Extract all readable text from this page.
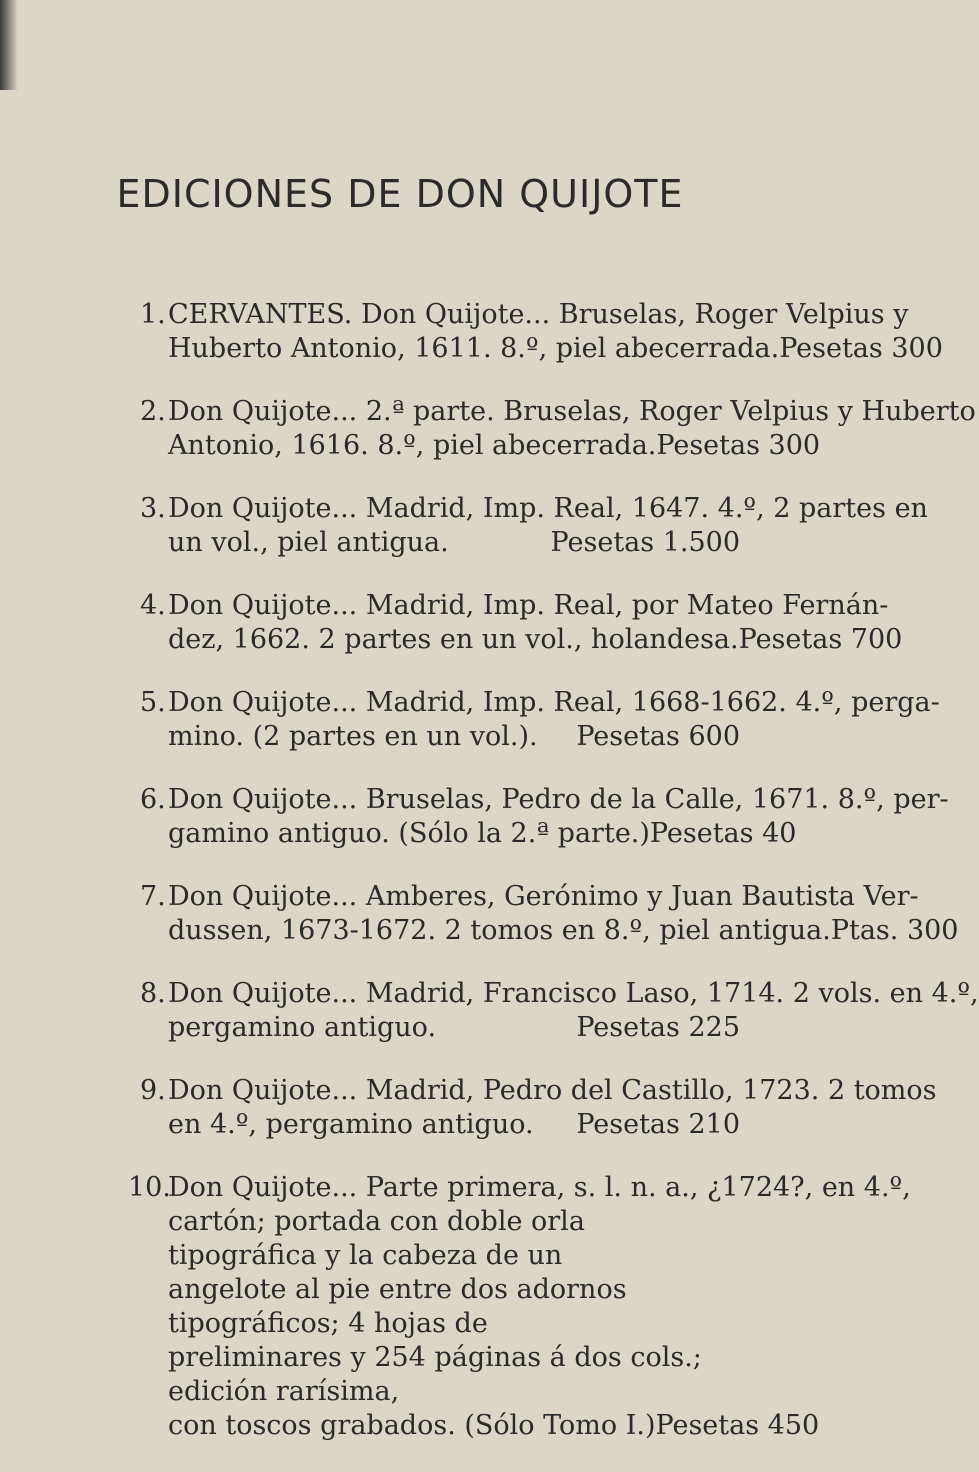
EDICIONES DE DON QUIJOTE
1. CERVANTES. Don Quijote... Bruselas, Roger Velpius y
Huberto Antonio, 1611. 8.º, piel abecerrada. Pesetas 300
2. Don Quijote... 2.ª parte. Bruselas, Roger Velpius y Huberto
Antonio, 1616. 8.º, piel abecerrada. Pesetas 300
3. Don Quijote... Madrid, Imp. Real, 1647. 4.º, 2 partes en
un vol., piel antigua.	Pesetas 1.500
4. Don Quijote... Madrid, Imp. Real, por Mateo Fernán-
dez, 1662. 2 partes en un vol., holandesa. Pesetas 700
5. Don Quijote... Madrid, Imp. Real, 1668-1662. 4.º, perga-
mino. (2 partes en un vol.). Pesetas 600
6. Don Quijote... Bruselas, Pedro de la Calle, 1671. 8.º, per-
gamino antiguo. (Sólo la 2.ª parte.) Pesetas 40
7. Don Quijote... Amberes, Gerónimo y Juan Bautista Ver-
dussen, 1673-1672. 2 tomos en 8.º, piel antigua. Ptas. 300
8. Don Quijote... Madrid, Francisco Laso, 1714. 2 vols. en 4.º,
pergamino antiguo.	Pesetas 225
9. Don Quijote... Madrid, Pedro del Castillo, 1723. 2 tomos
en 4.º, pergamino antiguo. Pesetas 210
10.
Don Quijote... Parte primera, s. l. n. a., ¿1724?, en 4.º,
cartón; portada con doble orla tipográfica y la cabeza de un
angelote al pie entre dos adornos tipográficos; 4 hojas de
preliminares y 254 páginas á dos cols.; edición rarísima,
con toscos grabados. (Sólo Tomo I.) Pesetas 450
